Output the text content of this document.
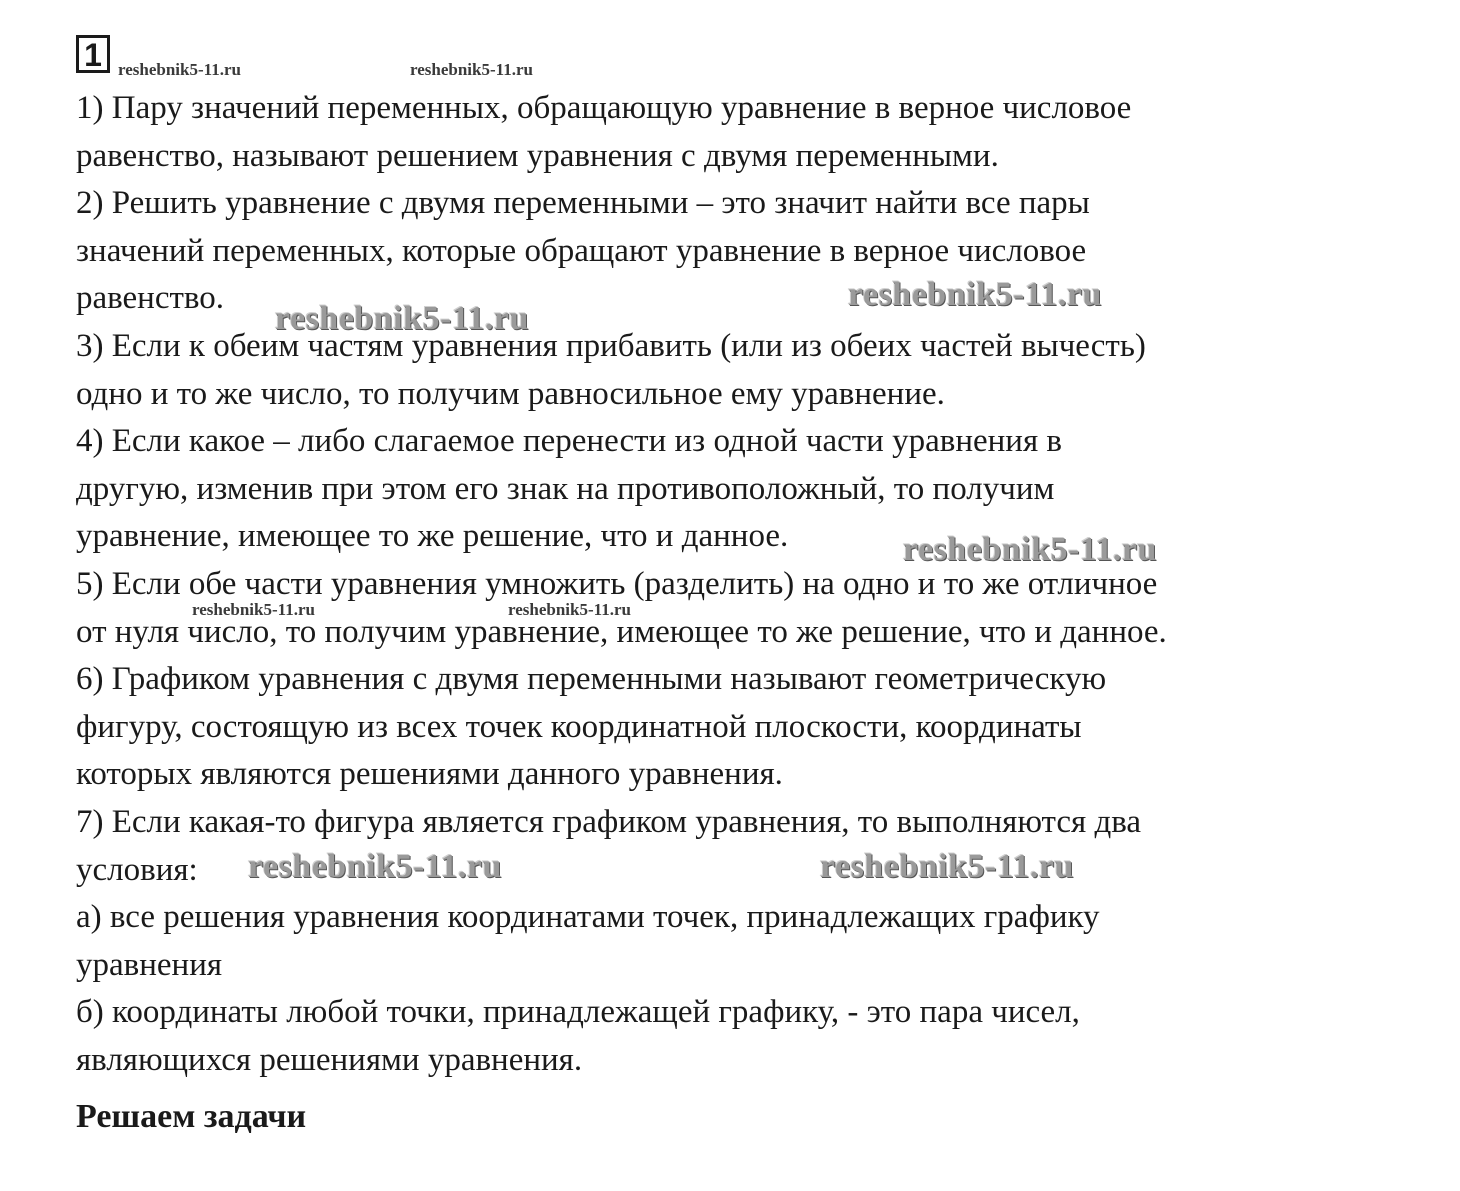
1
1) Пару значений переменных, обращающую уравнение в верное числовое
равенство, называют решением уравнения с двумя переменными.
2) Решить уравнение с двумя переменными – это значит найти все пары
значений переменных, которые обращают уравнение в верное числовое
равенство.
3) Если к обеим частям уравнения прибавить (или из обеих частей вычесть)
одно и то же число, то получим равносильное ему уравнение.
4) Если какое – либо слагаемое перенести из одной части уравнения в
другую, изменив при этом его знак на противоположный, то получим
уравнение, имеющее то же решение, что и данное.
5) Если обе части уравнения умножить (разделить) на одно и то же отличное
от нуля число, то получим уравнение, имеющее то же решение, что и данное.
6) Графиком уравнения с двумя переменными называют геометрическую
фигуру, состоящую из всех точек координатной плоскости, координаты
которых являются решениями данного уравнения.
7) Если какая-то фигура является графиком уравнения, то выполняются два
условия:
а) все решения уравнения координатами точек, принадлежащих графику
уравнения
б) координаты любой точки, принадлежащей графику, - это пара чисел,
являющихся решениями уравнения.
Решаем задачи
reshebnik5-11.ru	reshebnik5-11.ru
reshebnik5-11.ru
reshebnik5-11.ru
reshebnik5-11.ru
reshebnik5-11.ru	reshebnik5-11.ru
reshebnik5-11.ru	reshebnik5-11.ru
